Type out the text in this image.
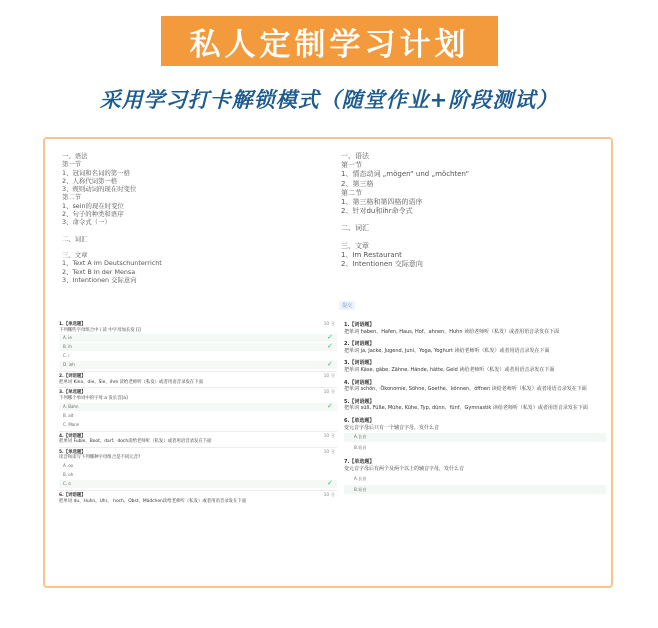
私人定制学习计划
采用学习打卡解锁模式（随堂作业+阶段测试）
一、语法
第一节
1、冠词和名词的第一格
2、人称代词第一格
3、规则动词的现在时变位
第二节
1、sein的现在时变位
2、句子的种类和语序
3、命令式（一）
二、词汇
三、文章
1、Text A Im Deutschunterricht
2、Text B In der Mensa
3、Intentionen 交际意向
一、语法
第一节
1、情态动词 „mögen“ und „möchten“
2、第三格
第二节
1、第三格和第四格的语序
2、针对du和ihr命令式
二、词汇
三、文章
1、Im Restaurant
2、Intentionen 交际意向
提交
10 分
1.【单选题】
下列哪些字母组合中 i 读 中字母加长发 [i]
A. ie	✓
B. ih	✓
C. i
D. ieh	✓
10 分
2.【词语题】
把单词 Kino、die、Sie、ihre 读给老师听（私发）或者用语音录发在下面
10 分
3.【单选题】
下列哪个单词中的字母 a 发长音[a]
A. Bahn	✓
B. alt
C. Mann
10 分
4.【词语题】
把单词 Fuble、Boot、darf、doch读给老师听（私发）或者用语音录发在下面
10 分
5.【单选题】
读音和读写下列哪种字母组合是不同元音?
A. oo
B. oh
C. o	✓
10 分
6.【词语题】
把单词 du、Huhn、Uhr、 hoch、Obst、Mädchen读给老师听（私发）或者用语音录发在下面
1.【词语题】
把单词 haben、Hafen, Haus, Hof、ahnen、Huhn 读给老师听（私发）或者用语音录发在下面
2.【词语题】
把单词 ja, Jacke, Jugend, Juni、Yoga, Yoghurt 读给老师听（私发）或者用语音录发在下面
3.【词语题】
把单词 Käse, gäbe, Zähne, Hände, hätte, Geld 读给老师听（私发）或者用语音录发在下面
4.【词语题】
把单词 schön、Ökonomie, Söhne, Goethe、können、öffnen 读给老师听（私发）或者用语音录发在下面
5.【词语题】
把单词 süß, Füße, Mühe, Kühe, Typ, dünn、fünf、Gymnastik 读给老师听（私发）或者用语音录发在下面
6.【单选题】
变元音字母后只有一个辅音字母，发什么音
A.长音
B.短音
7.【单选题】
变元音字母后有两个及两个以上的辅音字母，发什么音
A.长音
B.短音
